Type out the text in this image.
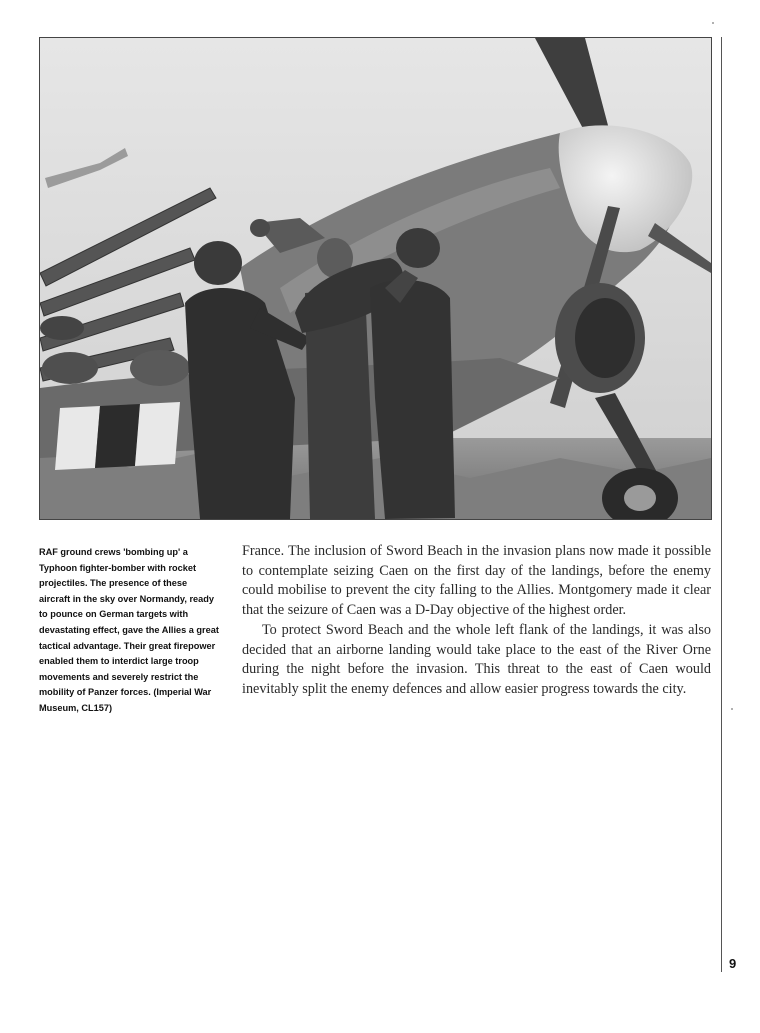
RAF ground crews 'bombing up' a Typhoon fighter-bomber with rocket projectiles. The presence of these aircraft in the sky over Normandy, ready to pounce on German targets with devastating effect, gave the Allies a great tactical advantage. Their great firepower enabled them to interdict large troop movements and severely restrict the mobility of Panzer forces. (Imperial War Museum, CL157)

France. The inclusion of Sword Beach in the invasion plans now made it possible to contemplate seizing Caen on the first day of the landings, before the enemy could mobilise to prevent the city falling to the Allies. Montgomery made it clear that the seizure of Caen was a D-Day objective of the highest order.

To protect Sword Beach and the whole left flank of the landings, it was also decided that an airborne landing would take place to the east of the River Orne during the night before the invasion. This threat to the east of Caen would inevitably split the enemy defences and allow easier progress towards the city.

9
